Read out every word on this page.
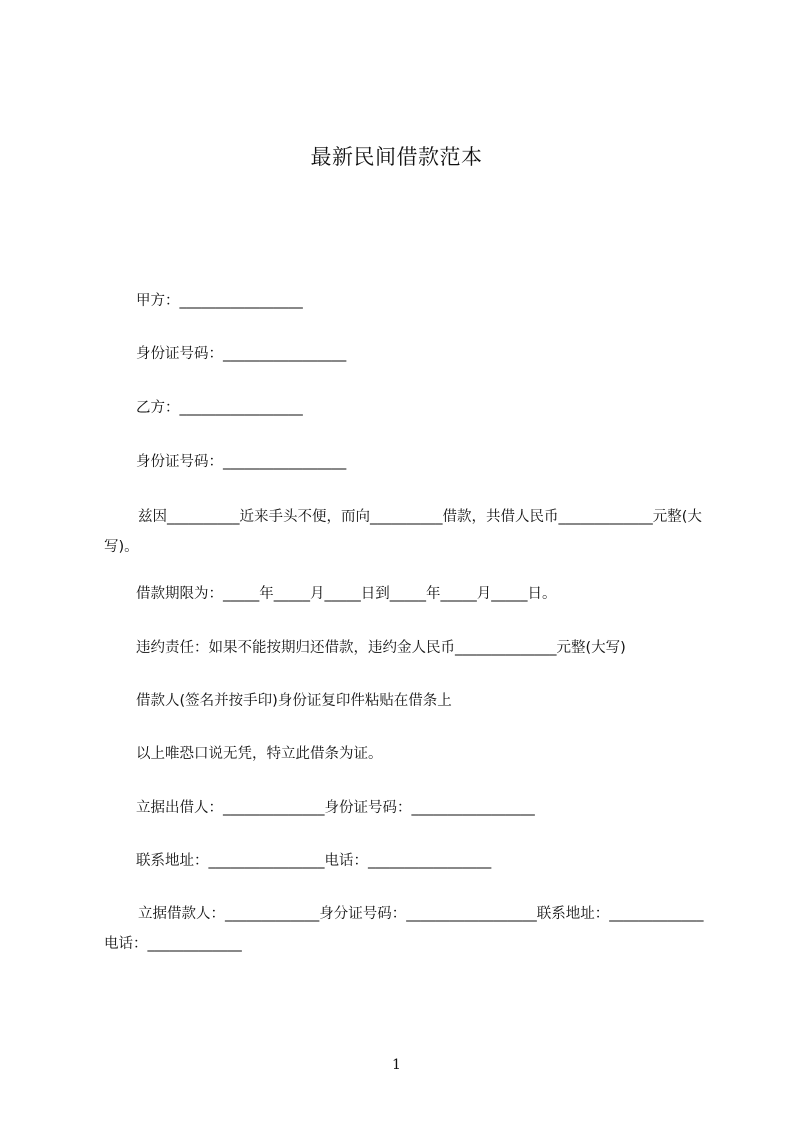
最新民间借款范本
甲方：_________________
身份证号码：_________________
乙方：_________________
身份证号码：_________________
兹因__________近来手头不便，而向__________借款，共借人民币_____________元整(大写)。
借款期限为：_____年_____月_____日到_____年_____月_____日。
违约责任：如果不能按期归还借款，违约金人民币______________元整(大写)
借款人(签名并按手印)身份证复印件粘贴在借条上
以上唯恐口说无凭，特立此借条为证。
立据出借人：______________身份证号码：_________________
联系地址：________________电话：_________________
立据借款人：_____________身分证号码：__________________联系地址：_____________电话：_____________
1
